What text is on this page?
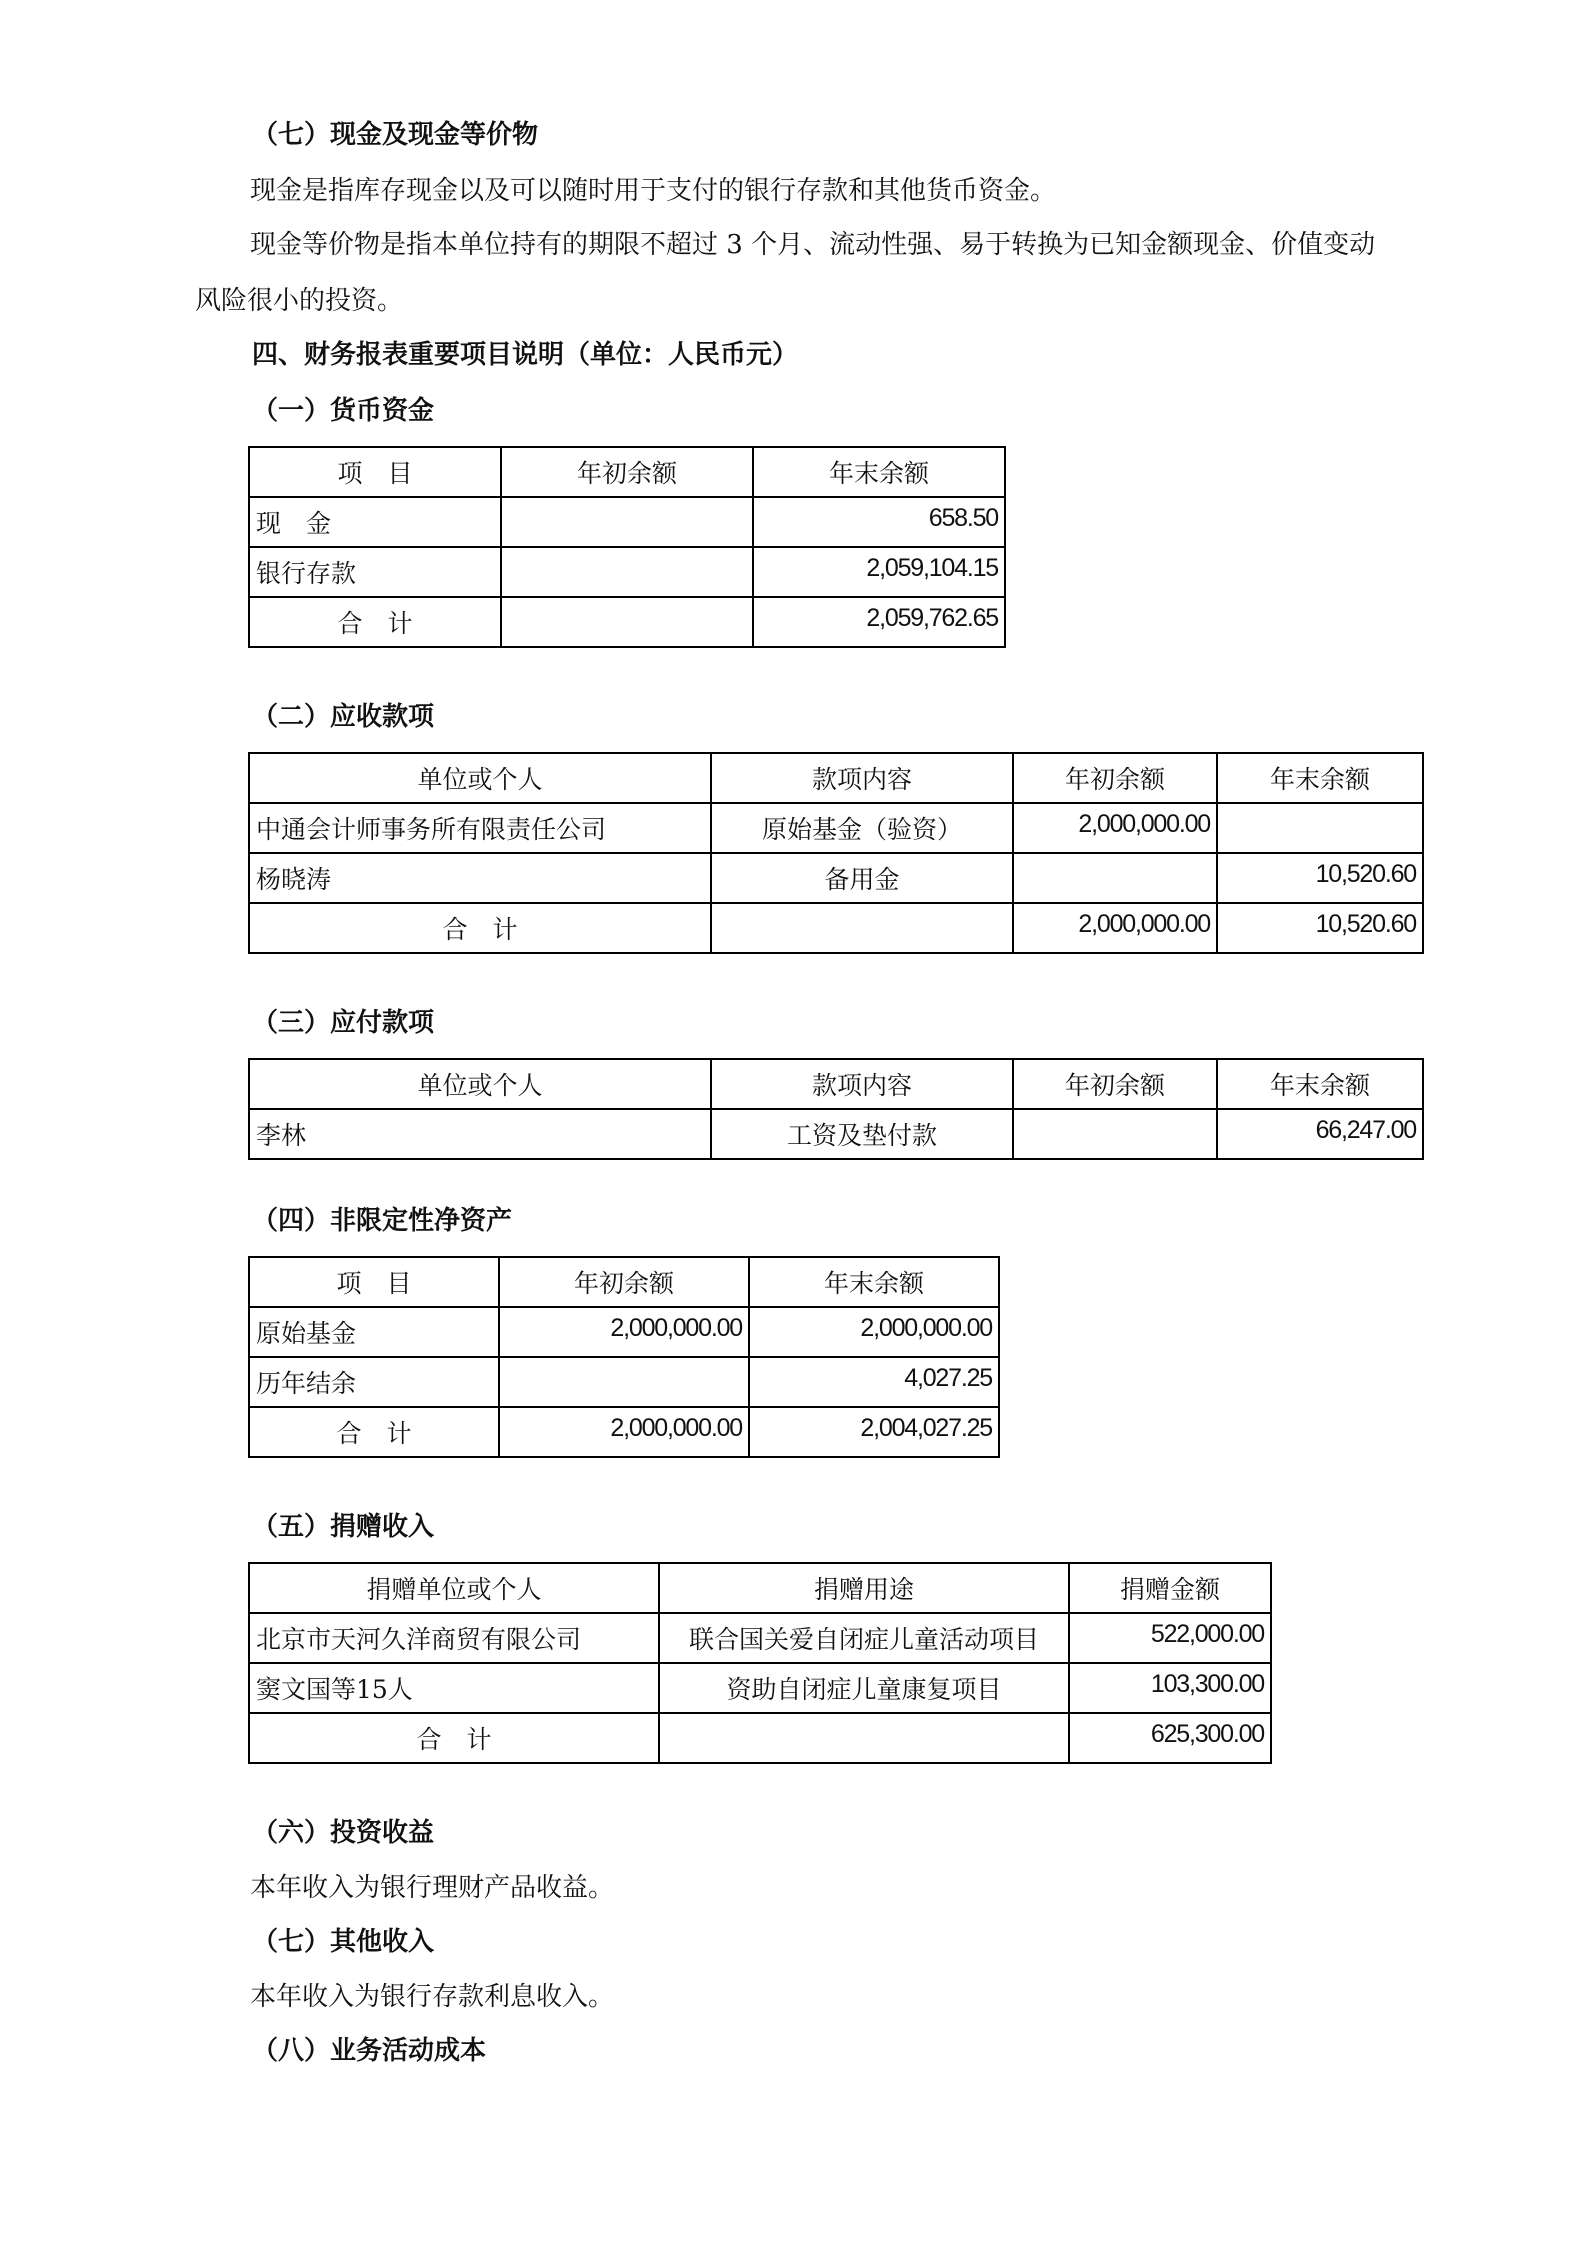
（七）现金及现金等价物
现金是指库存现金以及可以随时用于支付的银行存款和其他货币资金。
现金等价物是指本单位持有的期限不超过 3 个月、流动性强、易于转换为已知金额现金、价值变动
风险很小的投资。
四、财务报表重要项目说明（单位：人民币元）
（一）货币资金
项　目	年初余额	年末余额
现　金		658.50
银行存款		2,059,104.15
合　计		2,059,762.65
（二）应收款项
单位或个人	款项内容	年初余额	年末余额
中通会计师事务所有限责任公司	原始基金（验资）	2,000,000.00	
杨晓涛	备用金		10,520.60
合　计		2,000,000.00	10,520.60
（三）应付款项
单位或个人	款项内容	年初余额	年末余额
李林	工资及垫付款		66,247.00
（四）非限定性净资产
项　目	年初余额	年末余额
原始基金	2,000,000.00	2,000,000.00
历年结余		4,027.25
合　计	2,000,000.00	2,004,027.25
（五）捐赠收入
捐赠单位或个人	捐赠用途	捐赠金额
北京市天河久洋商贸有限公司	联合国关爱自闭症儿童活动项目	522,000.00
窦文国等15人	资助自闭症儿童康复项目	103,300.00
合　计		625,300.00
（六）投资收益
本年收入为银行理财产品收益。
（七）其他收入
本年收入为银行存款利息收入。
（八）业务活动成本
